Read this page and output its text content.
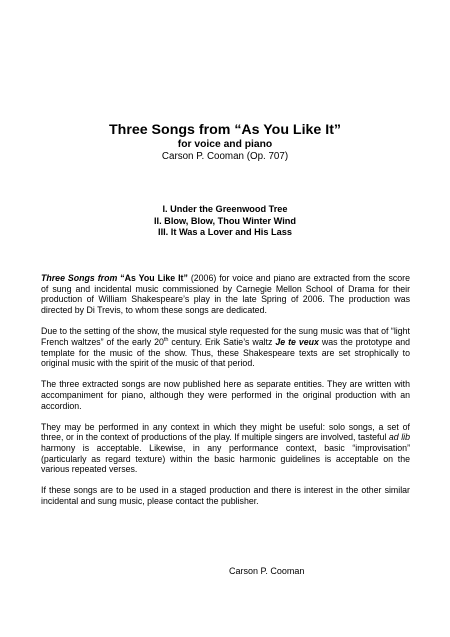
Three Songs from “As You Like It”
for voice and piano
Carson P. Cooman (Op. 707)
I. Under the Greenwood Tree
II. Blow, Blow, Thou Winter Wind
III. It Was a Lover and His Lass

Three Songs from “As You Like It” (2006) for voice and piano are extracted from the score of sung and incidental music commissioned by Carnegie Mellon School of Drama for their production of William Shakespeare’s play in the late Spring of 2006. The production was directed by Di Trevis, to whom these songs are dedicated.

Due to the setting of the show, the musical style requested for the sung music was that of “light French waltzes” of the early 20th century. Erik Satie’s waltz Je te veux was the prototype and template for the music of the show. Thus, these Shakespeare texts are set strophically to original music with the spirit of the music of that period.

The three extracted songs are now published here as separate entities. They are written with accompaniment for piano, although they were performed in the original production with an accordion.

They may be performed in any context in which they might be useful: solo songs, a set of three, or in the context of productions of the play. If multiple singers are involved, tasteful ad lib harmony is acceptable. Likewise, in any performance context, basic “improvisation” (particularly as regard texture) within the basic harmonic guidelines is acceptable on the various repeated verses.

If these songs are to be used in a staged production and there is interest in the other similar incidental and sung music, please contact the publisher.

Carson P. Cooman
